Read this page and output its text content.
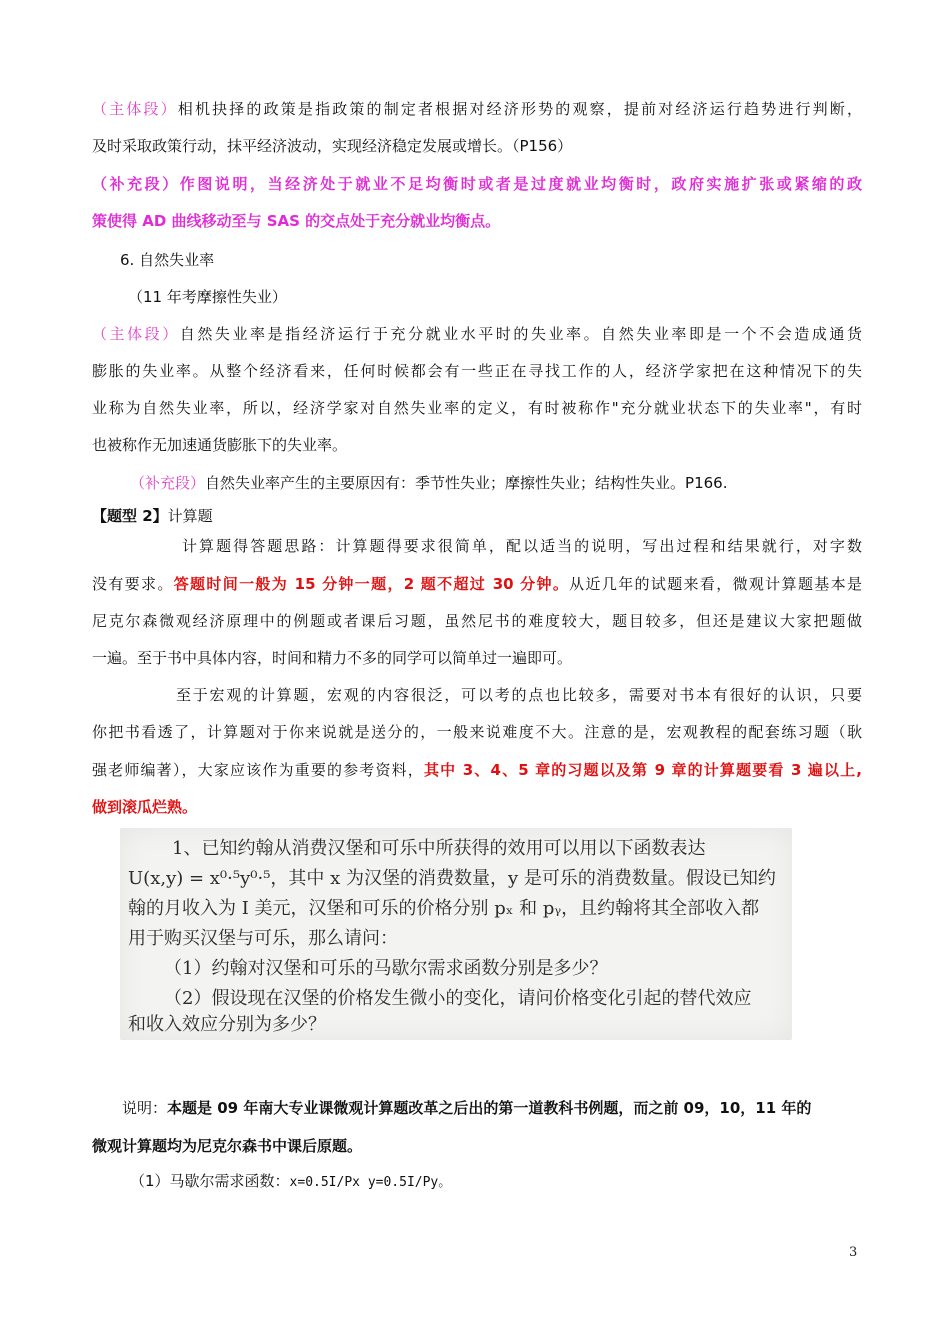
（主体段）相机抉择的政策是指政策的制定者根据对经济形势的观察，提前对经济运行趋势进行判断，
及时采取政策行动，抹平经济波动，实现经济稳定发展或增长。（P156）
（补充段）作图说明，当经济处于就业不足均衡时或者是过度就业均衡时，政府实施扩张或紧缩的政
策使得 AD 曲线移动至与 SAS 的交点处于充分就业均衡点。
6. 自然失业率
（11 年考摩擦性失业）
（主体段）自然失业率是指经济运行于充分就业水平时的失业率。自然失业率即是一个不会造成通货
膨胀的失业率。从整个经济看来，任何时候都会有一些正在寻找工作的人，经济学家把在这种情况下的失
业称为自然失业率，所以，经济学家对自然失业率的定义，有时被称作"充分就业状态下的失业率"，有时
也被称作无加速通货膨胀下的失业率。
（补充段）自然失业率产生的主要原因有：季节性失业；摩擦性失业；结构性失业。P166.
【题型 2】计算题
计算题得答题思路：计算题得要求很简单，配以适当的说明，写出过程和结果就行，对字数
没有要求。答题时间一般为 15 分钟一题，2 题不超过 30 分钟。从近几年的试题来看，微观计算题基本是
尼克尔森微观经济原理中的例题或者课后习题，虽然尼书的难度较大，题目较多，但还是建议大家把题做
一遍。至于书中具体内容，时间和精力不多的同学可以简单过一遍即可。
至于宏观的计算题，宏观的内容很泛，可以考的点也比较多，需要对书本有很好的认识，只要
你把书看透了，计算题对于你来说就是送分的，一般来说难度不大。注意的是，宏观教程的配套练习题（耿
强老师编著），大家应该作为重要的参考资料，其中 3、4、5 章的习题以及第 9 章的计算题要看 3 遍以上,
做到滚瓜烂熟。
1、已知约翰从消费汉堡和可乐中所获得的效用可以用以下函数表达
U(x,y) = x⁰·⁵y⁰·⁵，其中 x 为汉堡的消费数量，y 是可乐的消费数量。假设已知约
翰的月收入为 I 美元，汉堡和可乐的价格分别 pₓ 和 pᵧ，且约翰将其全部收入都
用于购买汉堡与可乐，那么请问：
（1）约翰对汉堡和可乐的马歇尔需求函数分别是多少？
（2）假设现在汉堡的价格发生微小的变化，请问价格变化引起的替代效应
和收入效应分别为多少？
说明：本题是 09 年南大专业课微观计算题改革之后出的第一道教科书例题，而之前 09，10，11 年的
微观计算题均为尼克尔森书中课后原题。
（1）马歇尔需求函数：x=0.5I/Px y=0.5I/Py。
3
